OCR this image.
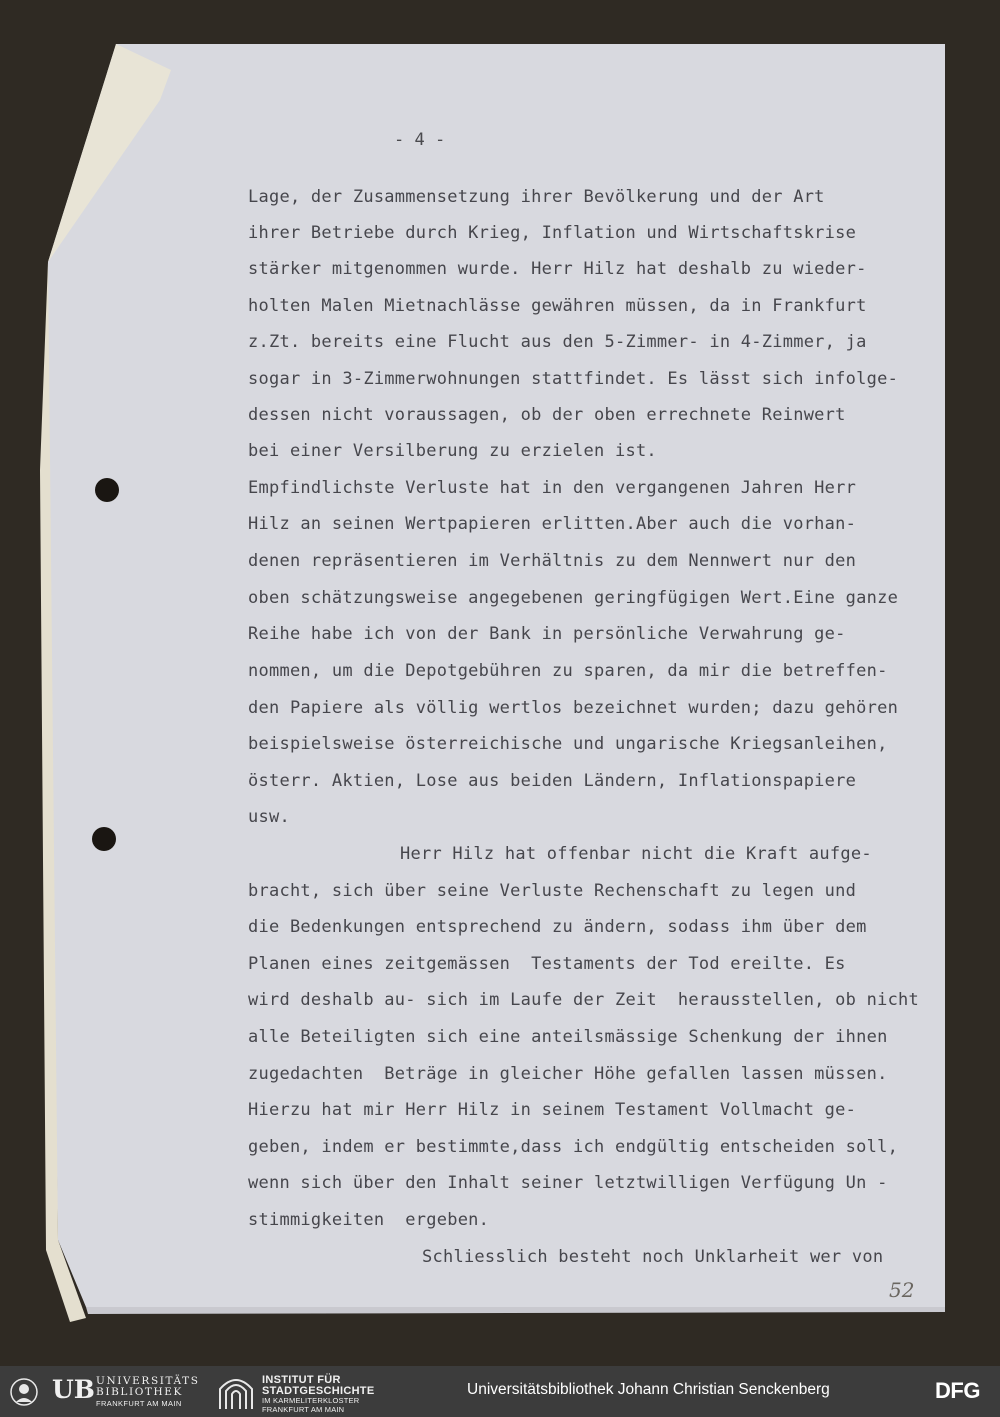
- 4 -
Lage, der Zusammensetzung ihrer Bevölkerung und der Art
ihrer Betriebe durch Krieg, Inflation und Wirtschaftskrise
stärker mitgenommen wurde. Herr Hilz hat deshalb zu wieder-
holten Malen Mietnachlässe gewähren müssen, da in Frankfurt
z.Zt. bereits eine Flucht aus den 5-Zimmer- in 4-Zimmer, ja
sogar in 3-Zimmerwohnungen stattfindet. Es lässt sich infolge-
dessen nicht voraussagen, ob der oben errechnete Reinwert
bei einer Versilberung zu erzielen ist.
Empfindlichste Verluste hat in den vergangenen Jahren Herr
Hilz an seinen Wertpapieren erlitten.Aber auch die vorhan-
denen repräsentieren im Verhältnis zu dem Nennwert nur den
oben schätzungsweise angegebenen geringfügigen Wert.Eine ganze
Reihe habe ich von der Bank in persönliche Verwahrung ge-
nommen, um die Depotgebühren zu sparen, da mir die betreffen-
den Papiere als völlig wertlos bezeichnet wurden; dazu gehören
beispielsweise österreichische und ungarische Kriegsanleihen,
österr. Aktien, Lose aus beiden Ländern, Inflationspapiere
usw.
Herr Hilz hat offenbar nicht die Kraft aufge-
bracht, sich über seine Verluste Rechenschaft zu legen und
die Bedenkungen entsprechend zu ändern, sodass ihm über dem
Planen eines zeitgemässen  Testaments der Tod ereilte. Es
wird deshalb au- sich im Laufe der Zeit  herausstellen, ob nicht
alle Beteiligten sich eine anteilsmässige Schenkung der ihnen
zugedachten  Beträge in gleicher Höhe gefallen lassen müssen.
Hierzu hat mir Herr Hilz in seinem Testament Vollmacht ge-
geben, indem er bestimmte,dass ich endgültig entscheiden soll,
wenn sich über den Inhalt seiner letztwilligen Verfügung Un -
stimmigkeiten  ergeben.
Schliesslich besteht noch Unklarheit wer von
52
UB UNIVERSITÄTS
BIBLIOTHEK
FRANKFURT AM MAIN
INSTITUT FÜR
STADTGESCHICHTE
IM KARMELITERKLOSTER
FRANKFURT AM MAIN
Universitätsbibliothek Johann Christian Senckenberg	DFG
